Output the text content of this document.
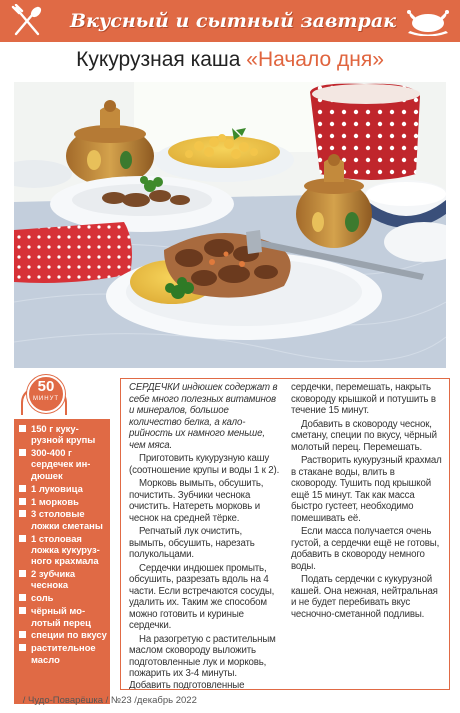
Вкусный и сытный завтрак
Кукурузная каша «Начало дня»
50
МИНУТ
150 г кукурузной крупы
300-400 г сердечек индюшек
1 луковица
1 морковь
3 столовые ложки сметаны
1 столовая ложка кукурузного крахмала
2 зубчика чеснока
соль
чёрный молотый перец
специи по вкусу
растительное масло

СЕРДЕЧКИ индюшек содержат в себе много полезных витаминов и минералов, большое количество белка, а калорийность их намного меньше, чем мяса.

Приготовить кукурузную кашу (соотношение крупы и воды 1 к 2).

Морковь вымыть, обсушить, почистить. Зубчики чеснока очистить. Натереть морковь и чеснок на средней тёрке.

Репчатый лук очистить, вымыть, обсушить, нарезать полукольцами.

Сердечки индюшек промыть, обсушить, разрезать вдоль на 4 части. Если встречаются сосуды, удалить их. Таким же способом можно готовить и куриные сердечки.

На разогретую с растительным маслом сковороду выложить подготовленные лук и морковь, пожарить их 3-4 минуты. Добавить подготовленные сердечки, перемешать, накрыть сковороду крышкой и потушить в течение 15 минут.

Добавить в сковороду чеснок, сметану, специи по вкусу, чёрный молотый перец. Перемешать.

Растворить кукурузный крахмал в стакане воды, влить в сковороду. Тушить под крышкой ещё 15 минут. Так как масса быстро густеет, необходимо помешивать её.

Если масса получается очень густой, а сердечки ещё не готовы, добавить в сковороду немного воды.

Подать сердечки с кукурузной кашей. Она нежная, нейтральная и не будет перебивать вкус чесночно-сметанной подливы.

8 / Чудо-Поварёшка / №23 /декабрь 2022
